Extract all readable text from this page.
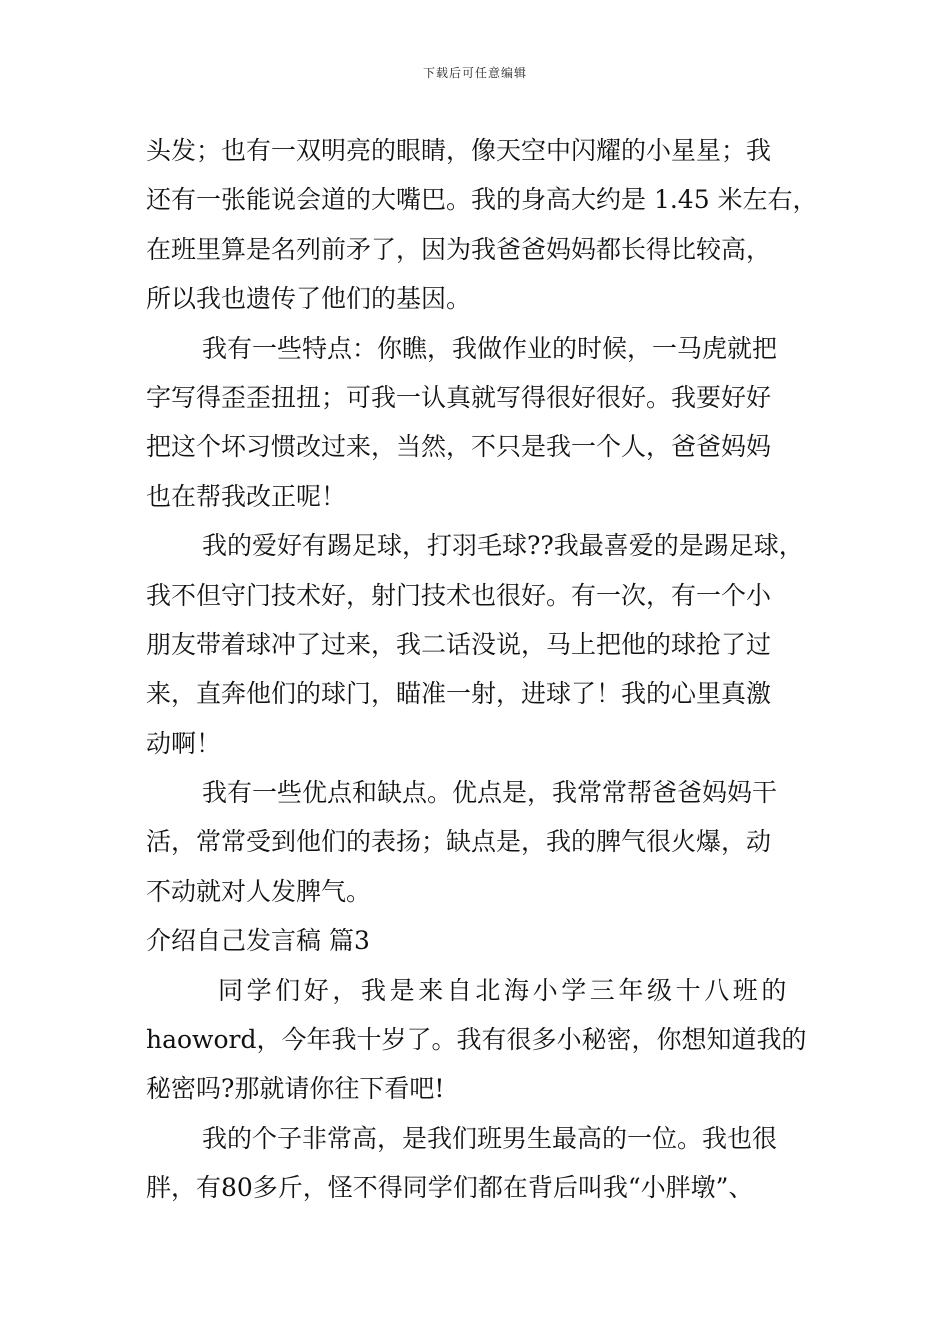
下载后可任意编辑
头发；也有一双明亮的眼睛，像天空中闪耀的小星星；我
还有一张能说会道的大嘴巴。我的身高大约是 1.45 米左右，
在班里算是名列前矛了，因为我爸爸妈妈都长得比较高，
所以我也遗传了他们的基因。
我有一些特点：你瞧，我做作业的时候，一马虎就把
字写得歪歪扭扭；可我一认真就写得很好很好。我要好好
把这个坏习惯改过来，当然，不只是我一个人，爸爸妈妈
也在帮我改正呢！
我的爱好有踢足球，打羽毛球??我最喜爱的是踢足球，
我不但守门技术好，射门技术也很好。有一次，有一个小
朋友带着球冲了过来，我二话没说，马上把他的球抢了过
来，直奔他们的球门，瞄准一射，进球了！我的心里真激
动啊！
我有一些优点和缺点。优点是，我常常帮爸爸妈妈干
活，常常受到他们的表扬；缺点是，我的脾气很火爆，动
不动就对人发脾气。
介绍自己发言稿 篇3
同学们好，我是来自北海小学三年级十八班的
haoword，今年我十岁了。我有很多小秘密，你想知道我的
秘密吗?那就请你往下看吧!
我的个子非常高，是我们班男生最高的一位。我也很
胖，有80多斤，怪不得同学们都在背后叫我“小胖墩”、
